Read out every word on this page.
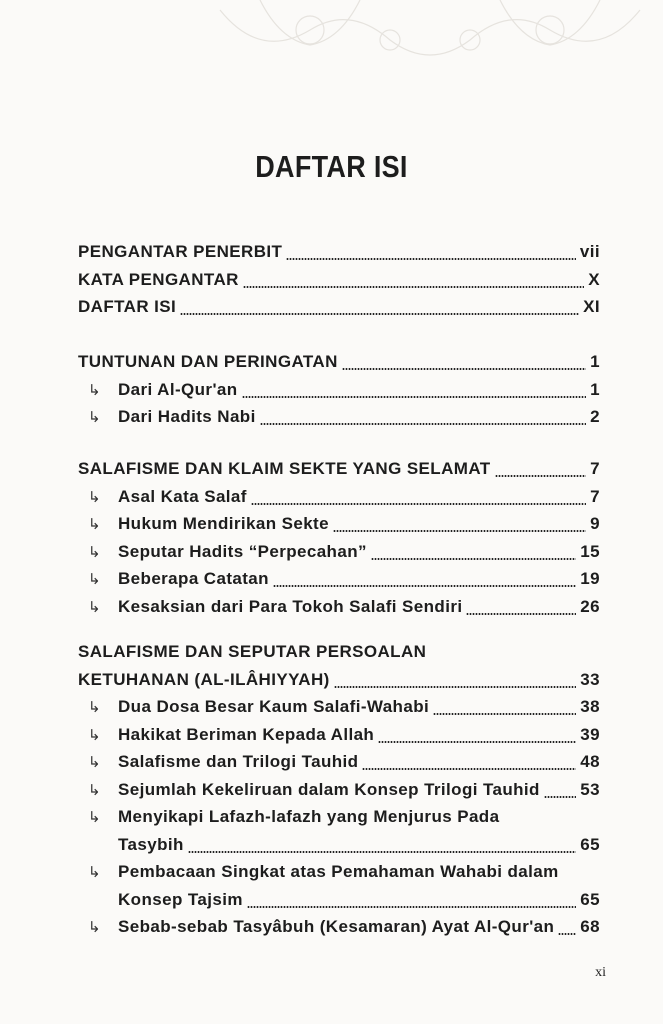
DAFTAR ISI
PENGANTAR PENERBIT	vii
KATA PENGANTAR	X
DAFTAR ISI	XI
TUNTUNAN DAN PERINGATAN	1
↳	Dari Al-Qur'an	1
↳	Dari Hadits Nabi	2
SALAFISME DAN KLAIM SEKTE YANG SELAMAT	7
↳	Asal Kata Salaf	7
↳	Hukum Mendirikan Sekte	9
↳	Seputar Hadits “Perpecahan”	15
↳	Beberapa Catatan	19
↳	Kesaksian dari Para Tokoh Salafi Sendiri	26
SALAFISME DAN SEPUTAR PERSOALAN
KETUHANAN (AL-ILÂHIYYAH)	33
↳	Dua Dosa Besar Kaum Salafi-Wahabi	38
↳	Hakikat Beriman Kepada Allah	39
↳	Salafisme dan Trilogi Tauhid	48
↳	Sejumlah Kekeliruan dalam Konsep Trilogi Tauhid 53
↳	Menyikapi Lafazh-lafazh yang Menjurus Pada
Tasybih	65
↳	Pembacaan Singkat atas Pemahaman Wahabi dalam
Konsep Tajsim	65
↳	Sebab-sebab Tasyâbuh (Kesamaran) Ayat Al-Qur'an 68
xi
